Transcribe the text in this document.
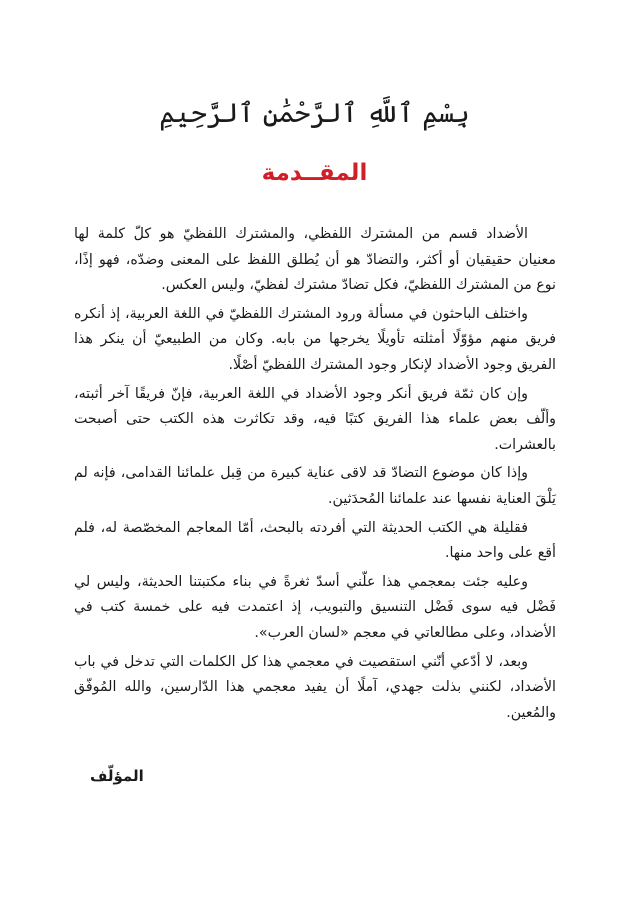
بِسْمِ ٱللَّهِ ٱلرَّحْمَٰنِ ٱلرَّحِيمِ
المقــدمة

الأضداد قسم من المشترك اللفظي، والمشترك اللفظيّ هو كلّ كلمة لها معنيان حقيقيان أو أكثر، والتضادّ هو أن يُطلق اللفظ على المعنى وضدّه، فهو إذًا، نوع من المشترك اللفظيّ، فكل تضادّ مشترك لفظيّ، وليس العكس.

واختلف الباحثون في مسألة ورود المشترك اللفظيّ في اللغة العربية، إذ أنكره فريق منهم مؤوّلًا أمثلته تأويلًا يخرجها من بابه. وكان من الطبيعيّ أن ينكر هذا الفريق وجود الأضداد لإنكار وجود المشترك اللفظيّ أصْلًا.

وإن كان ثمّة فريق أنكر وجود الأضداد في اللغة العربية، فإنّ فريقًا آخر أثبته، وألّف بعض علماء هذا الفريق كتبًا فيه، وقد تكاثرت هذه الكتب حتى أصبحت بالعشرات.

وإذا كان موضوع التضادّ قد لاقى عناية كبيرة من قِبل علمائنا القدامى، فإنه لم يَلْقَ العناية نفسها عند علمائنا المُحدَثين.

فقليلة هي الكتب الحديثة التي أفردته بالبحث، أمّا المعاجم المخصّصة له، فلم أقع على واحد منها.

وعليه جئت بمعجمي هذا علّني أسدّ ثغرةً في بناء مكتبتنا الحديثة، وليس لي فَضْل فيه سوى فَضْل التنسيق والتبويب، إذ اعتمدت فيه على خمسة كتب في الأضداد، وعلى مطالعاتي في معجم «لسان العرب».

وبعد، لا أدّعي أنّني استقصيت في معجمي هذا كل الكلمات التي تدخل في باب الأضداد، لكنني بذلت جهدي، آملًا أن يفيد معجمي هذا الدّارسين، والله المُوفّق والمُعين.

المؤلّف
